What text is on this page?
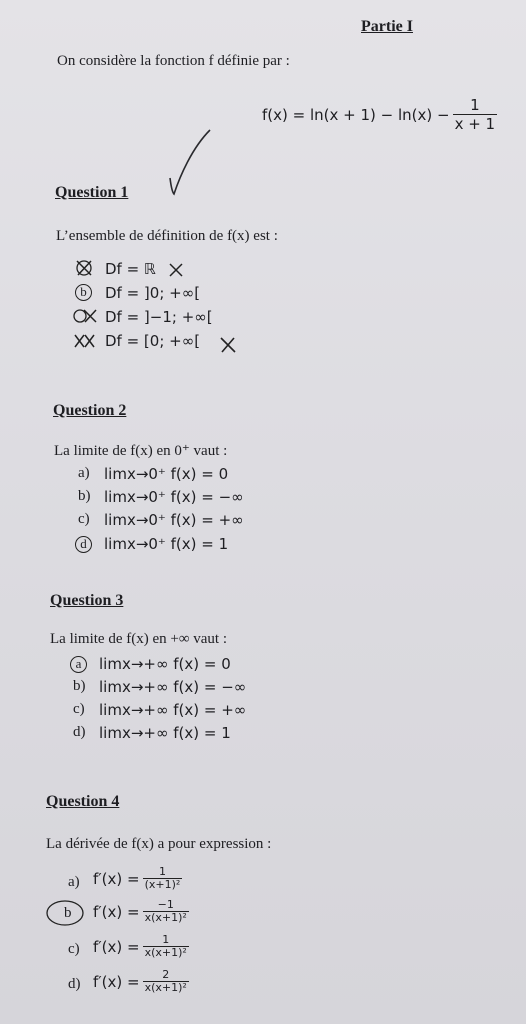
Partie I
On considère la fonction f définie par :
$f(x) = \ln(x + 1) - \ln(x) - \frac{1}{x + 1}$
Question 1
L’ensemble de définition de f(x) est :
Df = ℝ
b	Df = ]0; +∞[
Df = ]−1; +∞[
Df = [0; +∞[
Question 2
La limite de f(x) en 0⁺ vaut :
a) limx→0⁺ f(x) = 0
b) limx→0⁺ f(x) = −∞
c) limx→0⁺ f(x) = +∞
d	limx→0⁺ f(x) = 1
Question 3
La limite de f(x) en +∞ vaut :
a	limx→+∞ f(x) = 0
b) limx→+∞ f(x) = −∞
c) limx→+∞ f(x) = +∞
d) limx→+∞ f(x) = 1
Question 4
La dérivée de f(x) a pour expression :
a) $f'(x) = \frac{1}{\text{(x+1)²}}$
b $f'(x) = \frac{-1}{\text{x(x+1)²}}$
c) $f'(x) = \frac{1}{\text{x(x+1)²}}$
d) $f'(x) = \frac{2}{\text{x(x+1)²}}$
